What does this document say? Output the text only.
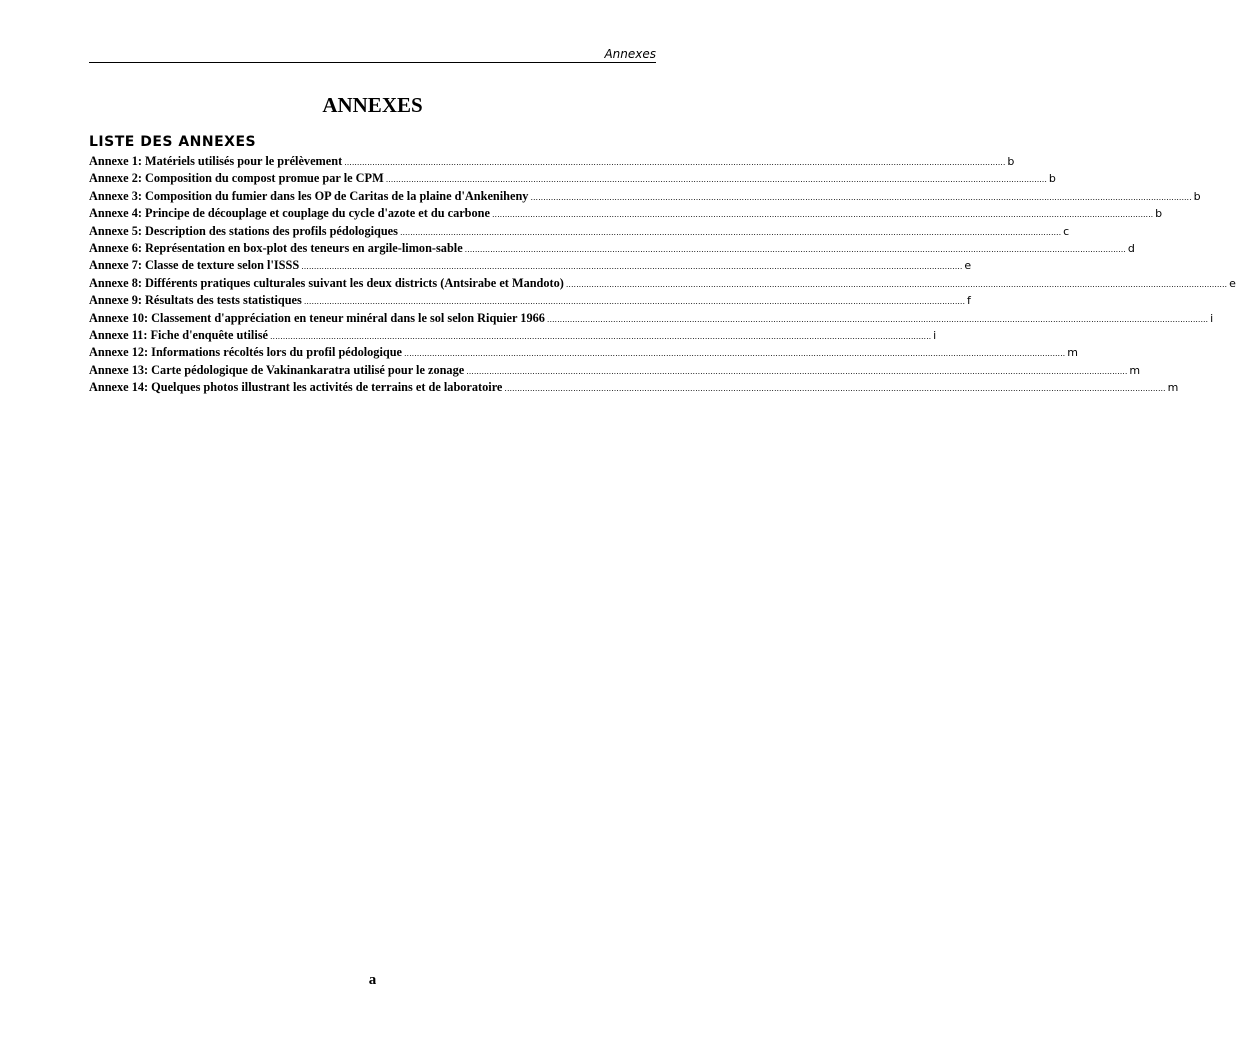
Annexes
ANNEXES
LISTE DES ANNEXES
Annexe 1: Matériels utilisés pour le prélèvement .....	b
Annexe 2: Composition du compost promue par le CPM .....	b
Annexe 3: Composition du fumier dans les OP de Caritas de la plaine d'Ankeniheny .....	b
Annexe 4: Principe de découplage et couplage du cycle d'azote et du carbone .....	b
Annexe 5: Description des stations des profils pédologiques .....	c
Annexe 6: Représentation en box-plot des teneurs en argile-limon-sable .....	d
Annexe 7: Classe de texture selon l'ISSS .....	e
Annexe 8: Différents pratiques culturales suivant les deux districts (Antsirabe et Mandoto) .....	e
Annexe 9: Résultats des tests statistiques .....	f
Annexe 10: Classement d'appréciation en teneur minéral dans le sol selon Riquier 1966 .....	i
Annexe 11: Fiche d'enquête utilisé .....	i
Annexe 12: Informations récoltés lors du profil pédologique .....	m
Annexe 13: Carte pédologique de Vakinankaratra utilisé pour le zonage .....	m
Annexe 14: Quelques photos illustrant les activités de terrains et de laboratoire .....	m
a
